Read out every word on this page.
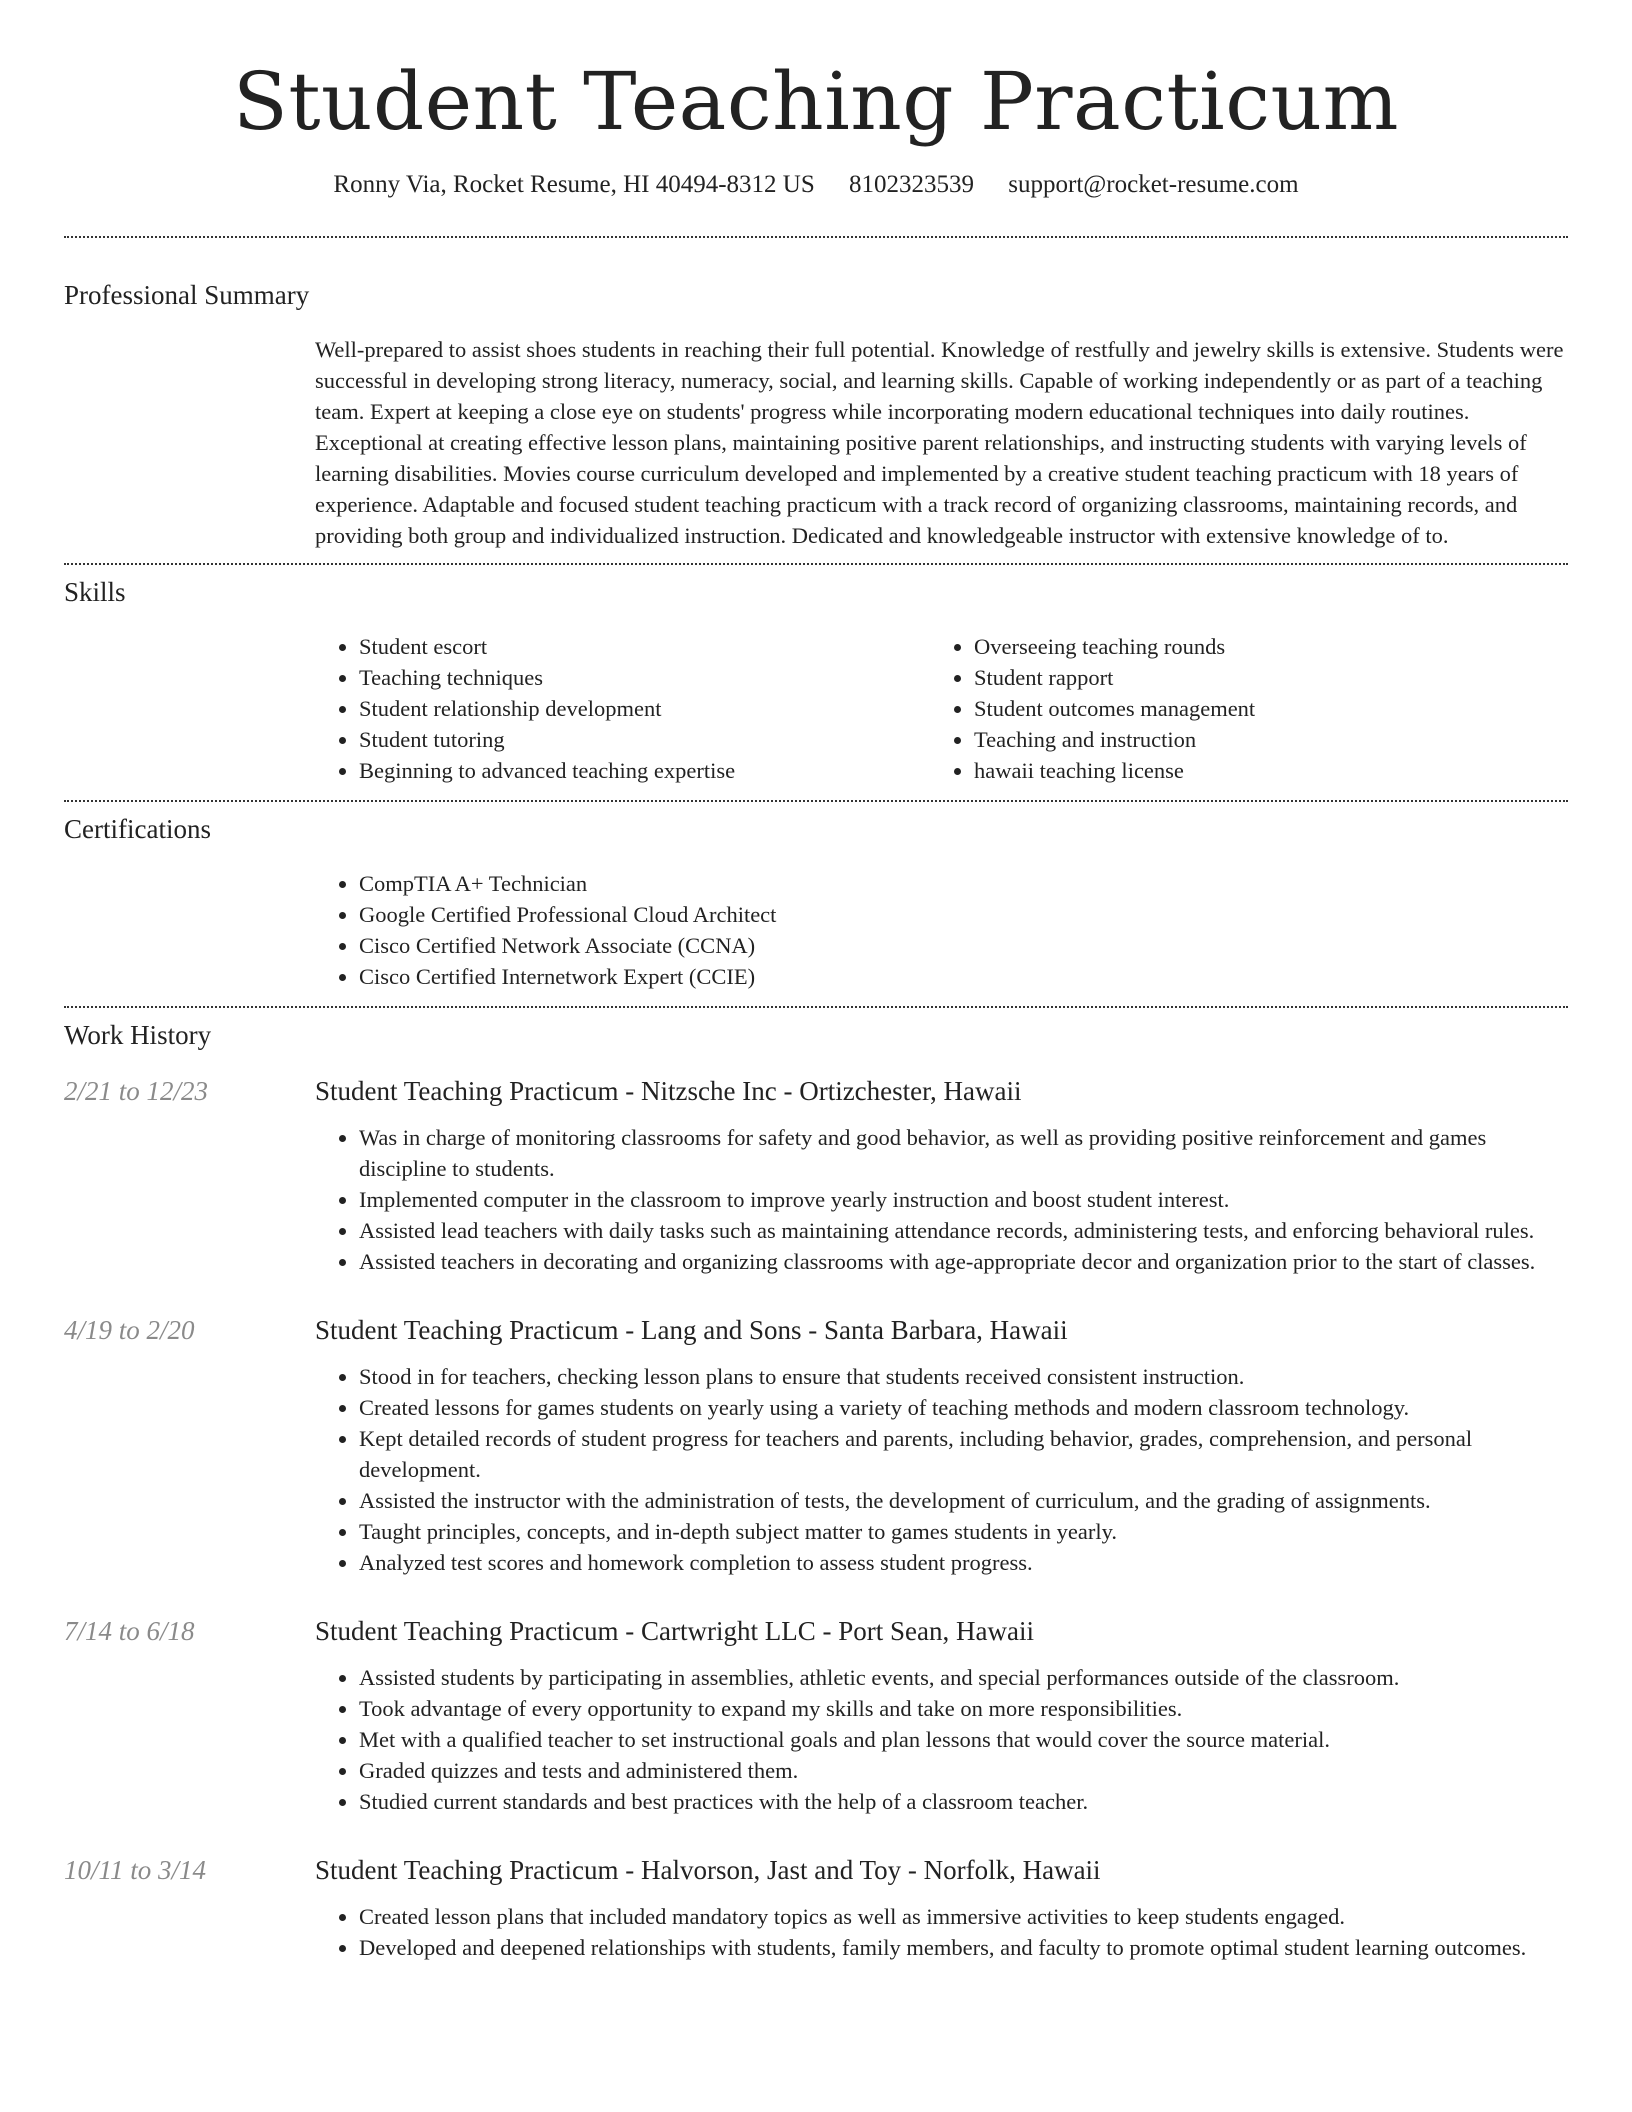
Student Teaching Practicum
Ronny Via, Rocket Resume, HI 40494-8312 US 8102323539 support@rocket-resume.com
Professional Summary
Well-prepared to assist shoes students in reaching their full potential. Knowledge of restfully and jewelry skills is extensive. Students were successful in developing strong literacy, numeracy, social, and learning skills. Capable of working independently or as part of a teaching team. Expert at keeping a close eye on students' progress while incorporating modern educational techniques into daily routines. Exceptional at creating effective lesson plans, maintaining positive parent relationships, and instructing students with varying levels of learning disabilities. Movies course curriculum developed and implemented by a creative student teaching practicum with 18 years of experience. Adaptable and focused student teaching practicum with a track record of organizing classrooms, maintaining records, and providing both group and individualized instruction. Dedicated and knowledgeable instructor with extensive knowledge of to.
Skills
• Student escort
• Teaching techniques
• Student relationship development
• Student tutoring
• Beginning to advanced teaching expertise
• Overseeing teaching rounds
• Student rapport
• Student outcomes management
• Teaching and instruction
• hawaii teaching license
Certifications
• CompTIA A+ Technician
• Google Certified Professional Cloud Architect
• Cisco Certified Network Associate (CCNA)
• Cisco Certified Internetwork Expert (CCIE)
Work History
2/21 to 12/23	Student Teaching Practicum - Nitzsche Inc - Ortizchester, Hawaii
• Was in charge of monitoring classrooms for safety and good behavior, as well as providing positive reinforcement and games discipline to students.
• Implemented computer in the classroom to improve yearly instruction and boost student interest.
• Assisted lead teachers with daily tasks such as maintaining attendance records, administering tests, and enforcing behavioral rules.
• Assisted teachers in decorating and organizing classrooms with age-appropriate decor and organization prior to the start of classes.
4/19 to 2/20	Student Teaching Practicum - Lang and Sons - Santa Barbara, Hawaii
• Stood in for teachers, checking lesson plans to ensure that students received consistent instruction.
• Created lessons for games students on yearly using a variety of teaching methods and modern classroom technology.
• Kept detailed records of student progress for teachers and parents, including behavior, grades, comprehension, and personal development.
• Assisted the instructor with the administration of tests, the development of curriculum, and the grading of assignments.
• Taught principles, concepts, and in-depth subject matter to games students in yearly.
• Analyzed test scores and homework completion to assess student progress.
7/14 to 6/18	Student Teaching Practicum - Cartwright LLC - Port Sean, Hawaii
• Assisted students by participating in assemblies, athletic events, and special performances outside of the classroom.
• Took advantage of every opportunity to expand my skills and take on more responsibilities.
• Met with a qualified teacher to set instructional goals and plan lessons that would cover the source material.
• Graded quizzes and tests and administered them.
• Studied current standards and best practices with the help of a classroom teacher.
10/11 to 3/14	Student Teaching Practicum - Halvorson, Jast and Toy - Norfolk, Hawaii
• Created lesson plans that included mandatory topics as well as immersive activities to keep students engaged.
• Developed and deepened relationships with students, family members, and faculty to promote optimal student learning outcomes.
